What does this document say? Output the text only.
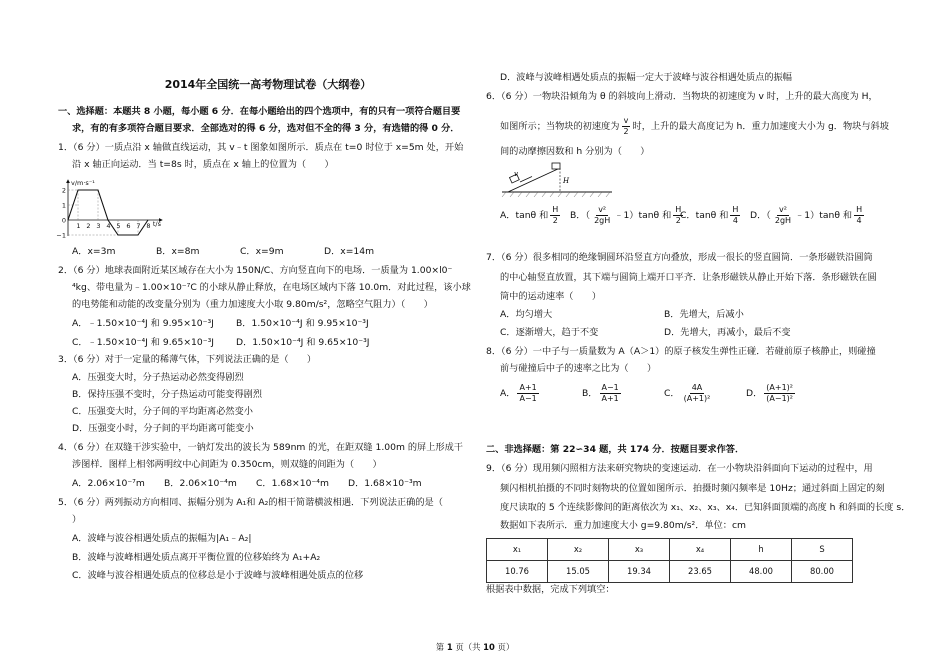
2014年全国统一高考物理试卷（大纲卷）
一、选择题：本题共 8 小题，每小题 6 分．在每小题给出的四个选项中，有的只有一项符合题目要
求，有的有多项符合题目要求．全部选对的得 6 分，选对但不全的得 3 分，有选错的得 0 分．
1．（6 分）一质点沿 x 轴做直线运动，其 v﹣t 图象如图所示．质点在 t=0 时位于 x=5m 处，开始
沿 x 轴正向运动．当 t=8s 时，质点在 x 轴上的位置为（　　）
v/m·s⁻¹
t/s
2
1
0
−1
1 2 3 4 5 6 7 8
A．x=3m	B．x=8m	C．x=9m	D．x=14m
2．（6 分）地球表面附近某区域存在大小为 150N/C、方向竖直向下的电场．一质量为 1.00×l0⁻
⁴kg、带电量为﹣1.00×10⁻⁷C 的小球从静止释放，在电场区域内下落 10.0m．对此过程，该小球
的电势能和动能的改变量分别为（重力加速度大小取 9.80m/s²，忽略空气阻力）（　　）
A．﹣1.50×10⁻⁴J 和 9.95×10⁻³J	B．1.50×10⁻⁴J 和 9.95×10⁻³J
C．﹣1.50×10⁻⁴J 和 9.65×10⁻³J	D．1.50×10⁻⁴J 和 9.65×10⁻³J
3．（6 分）对于一定量的稀薄气体，下列说法正确的是（　　）
A．压强变大时，分子热运动必然变得剧烈
B．保持压强不变时，分子热运动可能变得剧烈
C．压强变大时，分子间的平均距离必然变小
D．压强变小时，分子间的平均距离可能变小
4．（6 分）在双缝干涉实验中，一钠灯发出的波长为 589nm 的光，在距双缝 1.00m 的屏上形成干
涉图样．图样上相邻两明纹中心间距为 0.350cm，则双缝的间距为（　　）
A．2.06×10⁻⁷m	B．2.06×10⁻⁴m	C．1.68×10⁻⁴m	D．1.68×10⁻³m
5．（6 分）两列振动方向相同、振幅分别为 A₁和 A₂的相干简谐横波相遇．下列说法正确的是（
）
A．波峰与波谷相遇处质点的振幅为|A₁﹣A₂|
B．波峰与波峰相遇处质点离开平衡位置的位移始终为 A₁+A₂
C．波峰与波谷相遇处质点的位移总是小于波峰与波峰相遇处质点的位移
D．波峰与波峰相遇处质点的振幅一定大于波峰与波谷相遇处质点的振幅
6．（6 分）一物块沿倾角为 θ 的斜坡向上滑动．当物块的初速度为 v 时，上升的最大高度为 H，
如图所示；当物块的初速度为 $\frac{v}{2}$ 时，上升的最大高度记为 h．重力加速度大小为 g．物块与斜坡
间的动摩擦因数和 h 分别为（　　）
v
H
A．tanθ 和 $\frac{H}{2}$ B．（ $\frac{\text{v²}}{2gH}$ ﹣1）tanθ 和 $\frac{H}{2}$
C．tanθ 和 $\frac{H}{4}$ D．（ $\frac{\text{v²}}{2gH}$ ﹣1）tanθ 和 $\frac{H}{4}$
7．（6 分）很多相同的绝缘铜圆环沿竖直方向叠放，形成一很长的竖直圆筒．一条形磁铁沿圆筒
的中心轴竖直放置，其下端与圆筒上端开口平齐．让条形磁铁从静止开始下落．条形磁铁在圆
筒中的运动速率（　　）
A．均匀增大	B．先增大，后减小
C．逐渐增大，趋于不变	D．先增大，再减小，最后不变
8．（6 分）一中子与一质量数为 A（A＞1）的原子核发生弹性正碰．若碰前原子核静止，则碰撞
前与碰撞后中子的速率之比为（　　）
A． $\frac{A+1}{A-1}$	B． $\frac{A-1}{A+1}$	C． $\frac{4A}{\text{(A+1)²}}$	D． $\frac{\text{(A+1)²}}{\text{(A−1)²}}$
二、非选择题：第 22∽34 题，共 174 分．按题目要求作答．
9．（6 分）现用频闪照相方法来研究物块的变速运动．在一小物块沿斜面向下运动的过程中，用
频闪相机拍摄的不同时刻物块的位置如图所示．拍摄时频闪频率是 10Hz；通过斜面上固定的刻
度尺读取的 5 个连续影像间的距离依次为 x₁、x₂、x₃、x₄．已知斜面顶端的高度 h 和斜面的长度 s．
数据如下表所示．重力加速度大小 g=9.80m/s²．单位：cm
x₁	x₂	x₃	x₄	h	S
10.76	15.05	19.34	23.65	48.00	80.00
根据表中数据，完成下列填空：
第 1 页（共 10 页）
